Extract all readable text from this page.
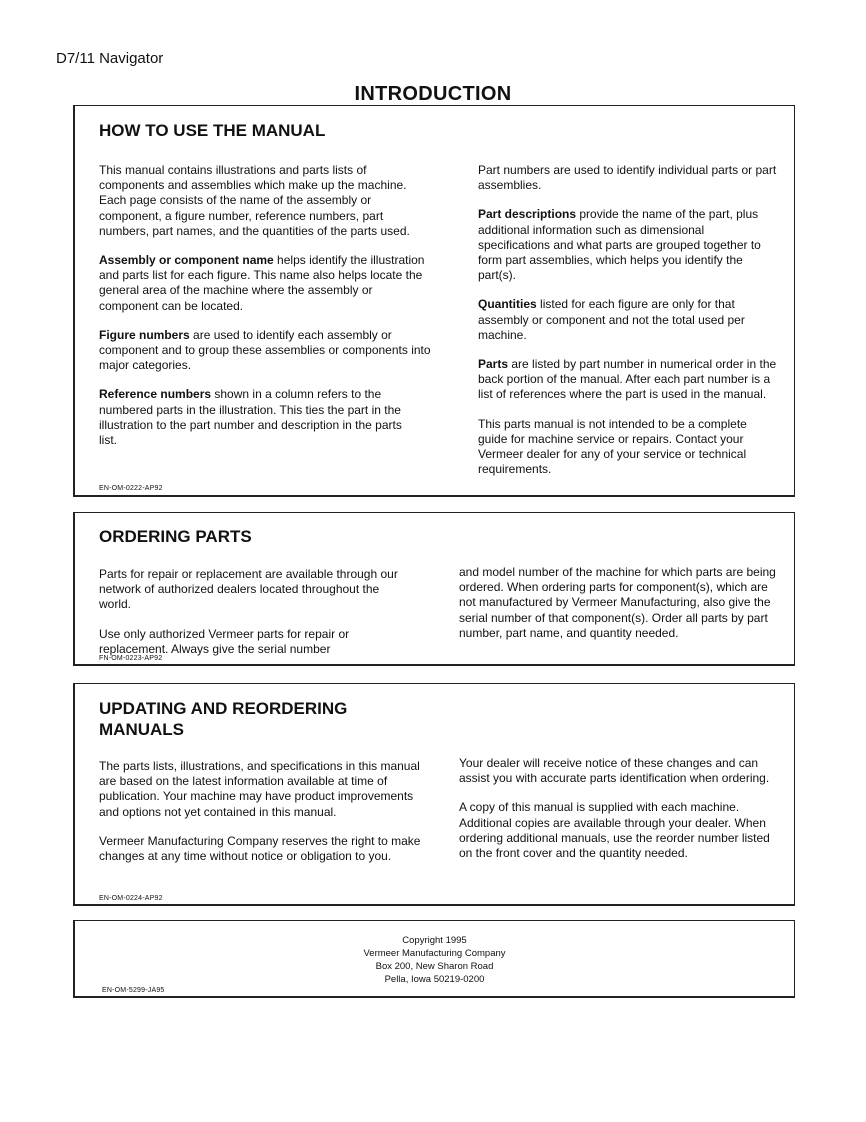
D7/11 Navigator
INTRODUCTION
HOW TO USE THE MANUAL

This manual contains illustrations and parts lists of components and assemblies which make up the machine. Each page consists of the name of the assembly or component, a figure number, reference numbers, part numbers, part names, and the quantities of the parts used.

Assembly or component name helps identify the illustration and parts list for each figure. This name also helps locate the general area of the machine where the assembly or component can be located.

Figure numbers are used to identify each assembly or component and to group these assemblies or components into major categories.

Reference numbers shown in a column refers to the numbered parts in the illustration. This ties the part in the illustration to the part number and description in the parts list.

Part numbers are used to identify individual parts or part assemblies.

Part descriptions provide the name of the part, plus additional information such as dimensional specifications and what parts are grouped together to form part assemblies, which helps you identify the part(s).

Quantities listed for each figure are only for that assembly or component and not the total used per machine.

Parts are listed by part number in numerical order in the back portion of the manual. After each part number is a list of references where the part is used in the manual.

This parts manual is not intended to be a complete guide for machine service or repairs. Contact your Vermeer dealer for any of your service or technical requirements.

EN-OM-0222-AP92
ORDERING PARTS

Parts for repair or replacement are available through our network of authorized dealers located throughout the world.

Use only authorized Vermeer parts for repair or replacement. Always give the serial number

and model number of the machine for which parts are being ordered. When ordering parts for component(s), which are not manufactured by Vermeer Manufacturing, also give the serial number of that component(s). Order all parts by part number, part name, and quantity needed.

FN-OM-0223-AP92
UPDATING AND REORDERING
MANUALS

The parts lists, illustrations, and specifications in this manual are based on the latest information available at time of publication. Your machine may have product improvements and options not yet contained in this manual.

Vermeer Manufacturing Company reserves the right to make changes at any time without notice or obligation to you.

Your dealer will receive notice of these changes and can assist you with accurate parts identification when ordering.

A copy of this manual is supplied with each machine. Additional copies are available through your dealer. When ordering additional manuals, use the reorder number listed on the front cover and the quantity needed.

EN-OM-0224-AP92
Copyright 1995
Vermeer Manufacturing Company
Box 200, New Sharon Road
Pella, Iowa 50219-0200
EN-OM-5299-JA95
